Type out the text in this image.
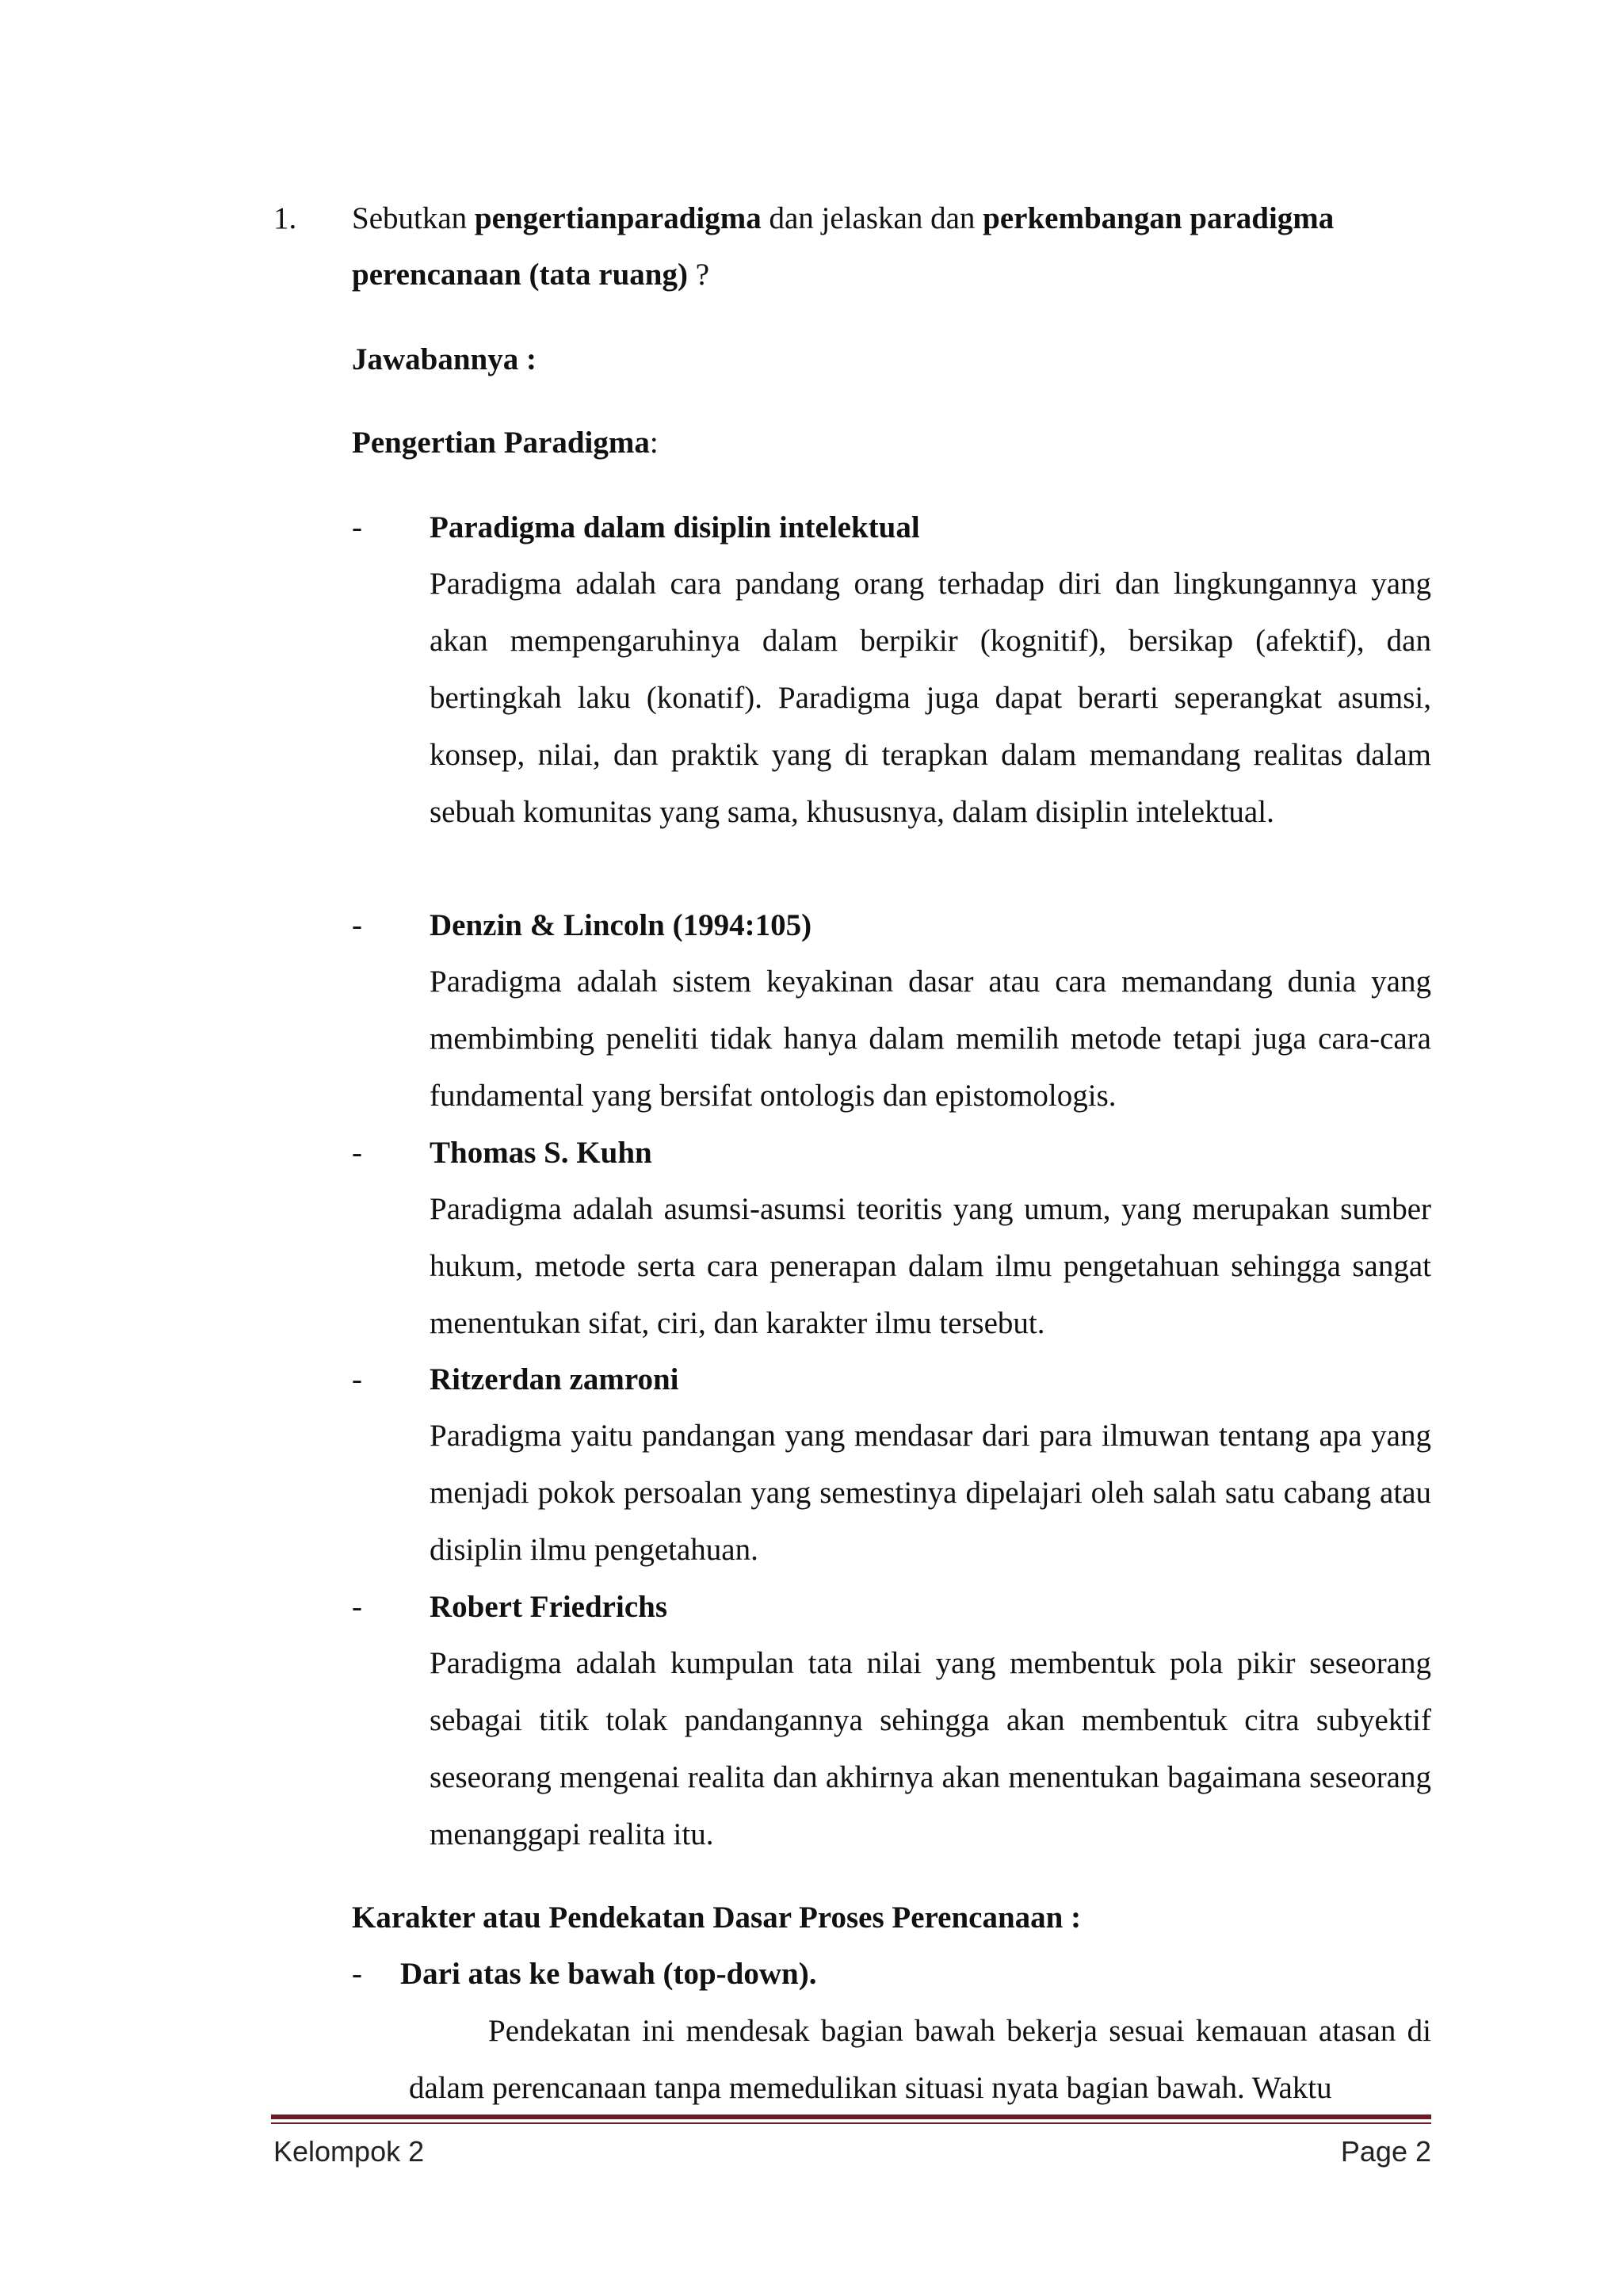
1. Sebutkan pengertianparadigma dan jelaskan dan perkembangan paradigma
perencanaan (tata ruang) ?
Jawabannya :
Pengertian Paradigma:
- Paradigma dalam disiplin intelektual
Paradigma adalah cara pandang orang terhadap diri dan lingkungannya yang akan mempengaruhinya dalam berpikir (kognitif), bersikap (afektif), dan bertingkah laku (konatif). Paradigma juga dapat berarti seperangkat asumsi, konsep, nilai, dan praktik yang di terapkan dalam memandang realitas dalam sebuah komunitas yang sama, khususnya, dalam disiplin intelektual.
- Denzin & Lincoln (1994:105)
Paradigma adalah sistem keyakinan dasar atau cara memandang dunia yang membimbing peneliti tidak hanya dalam memilih metode tetapi juga cara-cara fundamental yang bersifat ontologis dan epistomologis.
- Thomas S. Kuhn
Paradigma adalah asumsi-asumsi teoritis yang umum, yang merupakan sumber hukum, metode serta cara penerapan dalam ilmu pengetahuan sehingga sangat menentukan sifat, ciri, dan karakter ilmu tersebut.
- Ritzerdan zamroni
Paradigma yaitu pandangan yang mendasar dari para ilmuwan tentang apa yang menjadi pokok persoalan yang semestinya dipelajari oleh salah satu cabang atau disiplin ilmu pengetahuan.
- Robert Friedrichs
Paradigma adalah kumpulan tata nilai yang membentuk pola pikir seseorang sebagai titik tolak pandangannya sehingga akan membentuk citra subyektif seseorang mengenai realita dan akhirnya akan menentukan bagaimana seseorang menanggapi realita itu.
Karakter atau Pendekatan Dasar Proses Perencanaan :
- Dari atas ke bawah (top-down).
Pendekatan ini mendesak bagian bawah bekerja sesuai kemauan atasan di dalam perencanaan tanpa memedulikan situasi nyata bagian bawah. Waktu
Kelompok 2	Page 2
